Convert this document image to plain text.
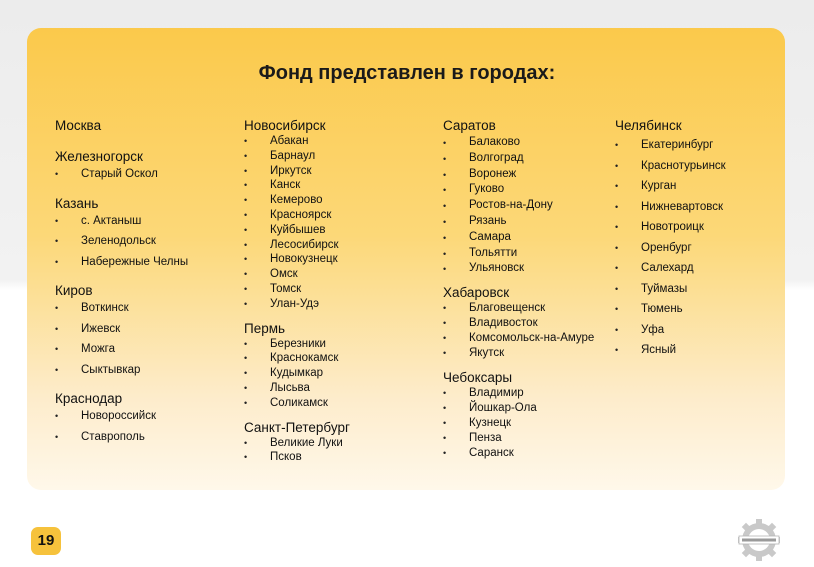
Фонд представлен в городах:
Москва
Железногорск
• Старый Оскол
Казань
• с. Актаныш
• Зеленодольск
• Набережные Челны
Киров
• Воткинск
• Ижевск
• Можга
• Сыктывкар
Краснодар
• Новороссийск
• Ставрополь
Новосибирск
• Абакан
• Барнаул
• Иркутск
• Канск
• Кемерово
• Красноярск
• Куйбышев
• Лесосибирск
• Новокузнецк
• Омск
• Томск
• Улан-Удэ
Пермь
• Березники
• Краснокамск
• Кудымкар
• Лысьва
• Соликамск
Санкт-Петербург
• Великие Луки
• Псков
Саратов
• Балаково
• Волгоград
• Воронеж
• Гуково
• Ростов-на-Дону
• Рязань
• Самара
• Тольятти
• Ульяновск
Хабаровск
• Благовещенск
• Владивосток
• Комсомольск-на-Амуре
• Якутск
Чебоксары
• Владимир
• Йошкар-Ола
• Кузнецк
• Пенза
• Саранск
Челябинск
• Екатеринбург
• Краснотурьинск
• Курган
• Нижневартовск
• Новотроицк
• Оренбург
• Салехард
• Туймазы
• Тюмень
• Уфа
• Ясный
19
